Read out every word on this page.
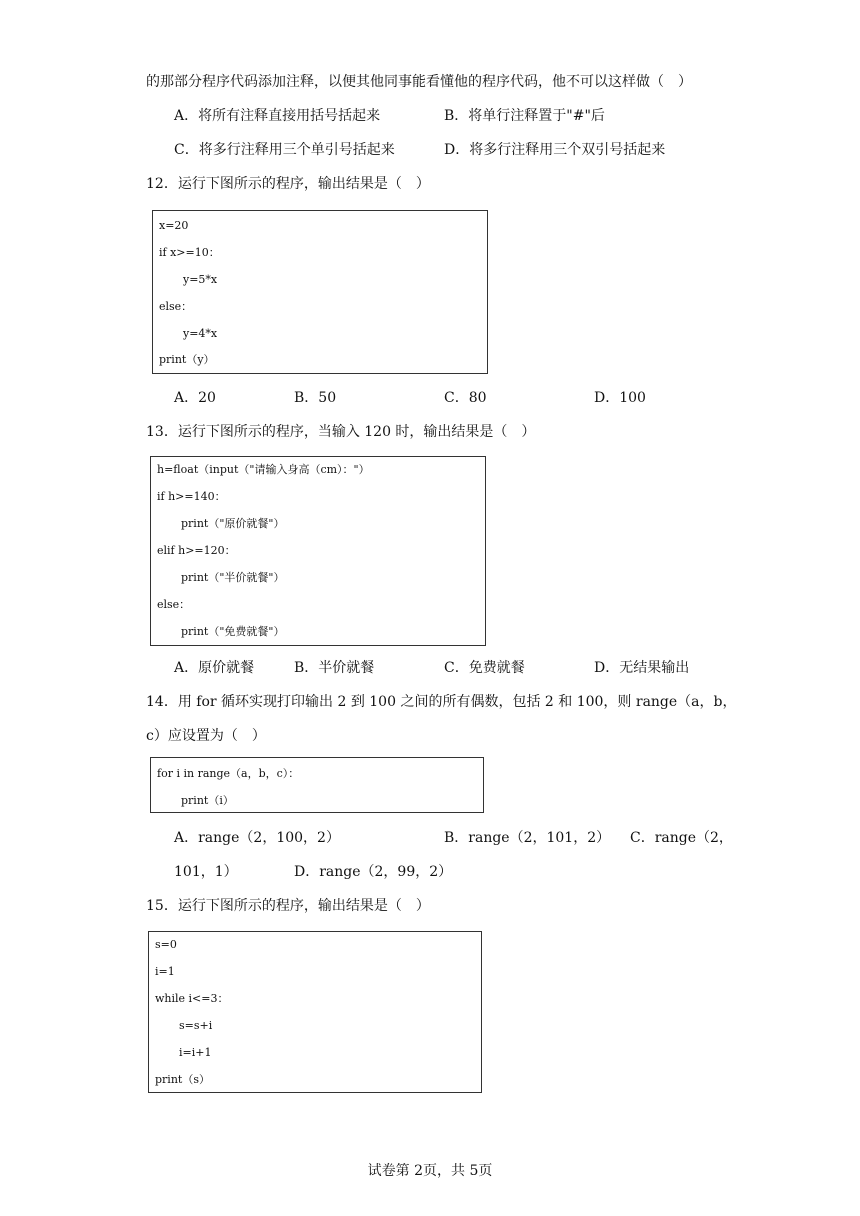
的那部分程序代码添加注释，以便其他同事能看懂他的程序代码，他不可以这样做（　）
A．将所有注释直接用括号括起来	B．将单行注释置于"#"后
C．将多行注释用三个单引号括起来	D．将多行注释用三个双引号括起来
12．运行下图所示的程序，输出结果是（　）
x=20
if x>=10：
y=5*x
else：
y=4*x
print（y）
A．20	B．50	C．80	D．100
13．运行下图所示的程序，当输入 120 时，输出结果是（　）
h=float（input（"请输入身高（cm）："）
if h>=140：
print（"原价就餐"）
elif h>=120：
print（"半价就餐"）
else：
print（"免费就餐"）
A．原价就餐	B．半价就餐	C．免费就餐	D．无结果输出
14．用 for 循环实现打印输出 2 到 100 之间的所有偶数，包括 2 和 100，则 range（a，b，
c）应设置为（　）
for i in range（a，b，c）：
print（i）
A．range（2，100，2）	B．range（2，101，2） C．range（2，
101，1）	D．range（2，99，2）
15．运行下图所示的程序，输出结果是（　）
s=0
i=1
while i<=3：
s=s+i
i=i+1
print（s）
试卷第 2页，共 5页
